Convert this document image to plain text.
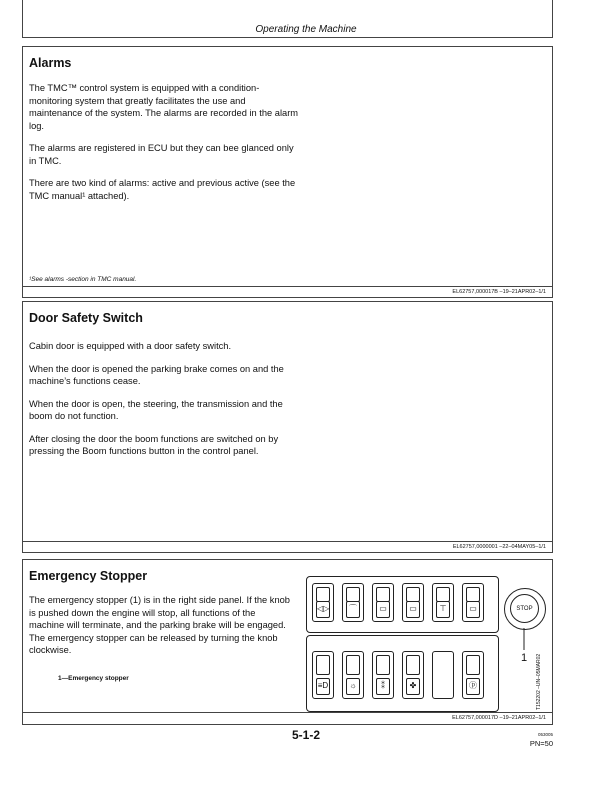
Operating the Machine
Alarms

The TMC™ control system is equipped with a condition-monitoring system that greatly facilitates the use and maintenance of the system. The alarms are recorded in the alarm log.

The alarms are registered in ECU but they can bee glanced only in TMC.

There are two kind of alarms: active and previous active (see the TMC manual¹ attached).

¹See alarms -section in TMC manual.
EL62757,000017B –19–21APR02–1/1
Door Safety Switch

Cabin door is equipped with a door safety switch.

When the door is opened the parking brake comes on and the machine’s functions cease.

When the door is open, the steering, the transmission and the boom do not function.

After closing the door the boom functions are switched on by pressing the Boom functions button in the control panel.

EL62757,0000001 –22–04MAY05–1/1
Emergency Stopper

The emergency stopper (1) is in the right side panel. If the knob is pushed down the engine will stop, all functions of the machine will terminate, and the parking brake will be engaged. The emergency stopper can be released by turning the knob clockwise.

1—Emergency stopper
◁▷	⌒	▭	▭	⊤	▭
≡D	☼	⁑	✤	ⓟ
STOP
1 T152202 –UN–05MAR02
EL62757,000017D –19–21APR02–1/1
5-1-2	053005
PN=50
